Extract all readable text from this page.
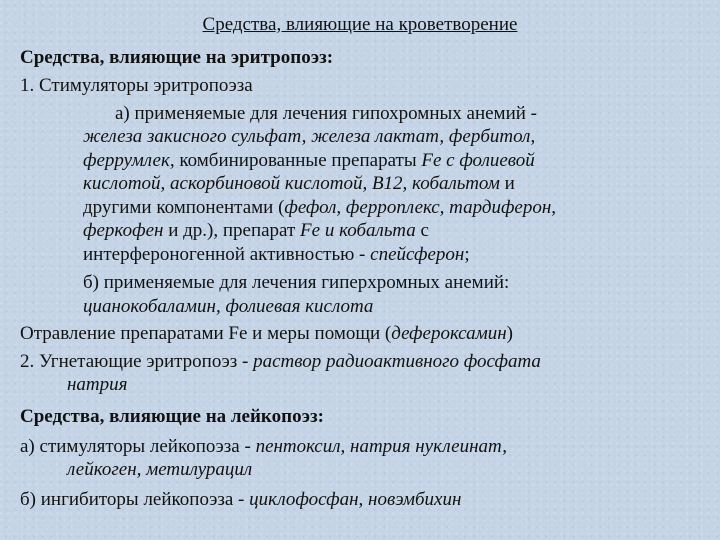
Средства, влияющие на кроветворение

Средства, влияющие на эритропоэз:

1. Стимуляторы эритропоэза

а) применяемые для лечения гипохромных анемий -

железа закисного сульфат, железа лактат, фербитол,

феррумлек, комбинированные препараты Fe с фолиевой

кислотой, аскорбиновой кислотой, В12, кобальтом и

другими компонентами (фефол, ферроплекс, тардиферон,

феркофен и др.), препарат Fe и кобальта с

интерфероногенной активностью - спейсферон;

б) применяемые для лечения гиперхромных анемий:

цианокобаламин, фолиевая кислота

Отравление препаратами Fe и меры помощи (дефероксамин)

2. Угнетающие эритропоэз - раствор радиоактивного фосфата

натрия

Средства, влияющие на лейкопоэз:

а) стимуляторы лейкопоэза - пентоксил, натрия нуклеинат,

лейкоген, метилурацил

б) ингибиторы лейкопоэза - циклофосфан, новэмбихин
